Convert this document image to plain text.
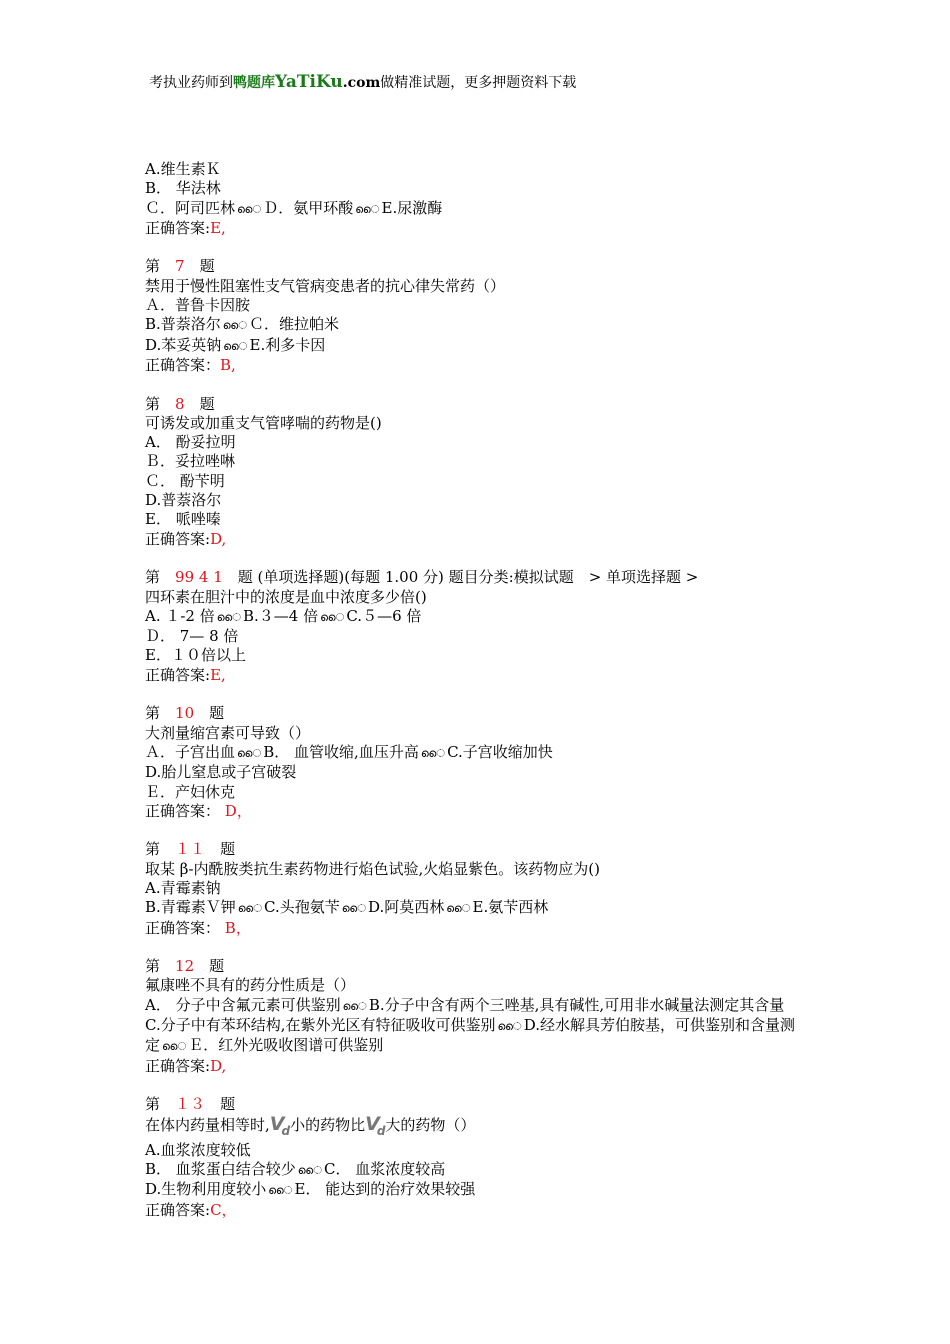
考执业药师到鸭题库YaTiKu.com做精准试题，更多押题资料下载
A.维生素Ｋ
B． 华法林
Ｃ．阿司匹林 ൈ Ｄ．氨甲环酸 ൈ E.尿激酶
正确答案:E,
第　 7　 题
禁用于慢性阻塞性支气管病变患者的抗心律失常药（）
Ａ．普鲁卡因胺
B.普萘洛尔 ൈ Ｃ．维拉帕米
D.苯妥英钠 ൈ E.利多卡因
正确答案：B,
第　 8　 题
可诱发或加重支气管哮喘的药物是()
A． 酚妥拉明
Ｂ．妥拉唑啉
Ｃ． 酚苄明
D.普萘洛尔
E． 哌唑嗪
正确答案:D,
第　 99 4 1　 题 (单项选择题)(每题 1.00 分) 题目分类:模拟试题　> 单项选择题 >
四环素在胆汁中的浓度是血中浓度多少倍()
A. １-2 倍 ൈ B.３—4 倍 ൈ C.５—6 倍
Ｄ． 7— 8 倍
E．１０倍以上
正确答案:E,
第　 10　 题
大剂量缩宫素可导致（）
Ａ．子宫出血 ൈ B． 血管收缩,血压升高 ൈ C.子宫收缩加快
D.胎儿窒息或子宫破裂
Ｅ．产妇休克
正确答案： D，
第　 １１　 题
取某 β-内酰胺类抗生素药物进行焰色试验,火焰显紫色。该药物应为()
A.青霉素钠
B.青霉素Ｖ钾 ൈ C.头孢氨苄 ൈ D.阿莫西林 ൈ E.氨苄西林
正确答案： B，
第　 12　 题
氟康唑不具有的药分性质是（）
A． 分子中含氟元素可供鉴别 ൈ B.分子中含有两个三唑基,具有碱性,可用非水碱量法测定其含量
C.分子中有苯环结构,在紫外光区有特征吸收可供鉴别 ൈ D.经水解具芳伯胺基，可供鉴别和含量测定 ൈ Ｅ．红外光吸收图谱可供鉴别
正确答案:D,
第　 １３　 题
在体内药量相等时$,V_d$小的药物比$V_d$大的药物（）
A.血浆浓度较低
B． 血浆蛋白结合较少 ൈ C． 血浆浓度较高
D.生物利用度较小 ൈ E． 能达到的治疗效果较强
正确答案:C，
